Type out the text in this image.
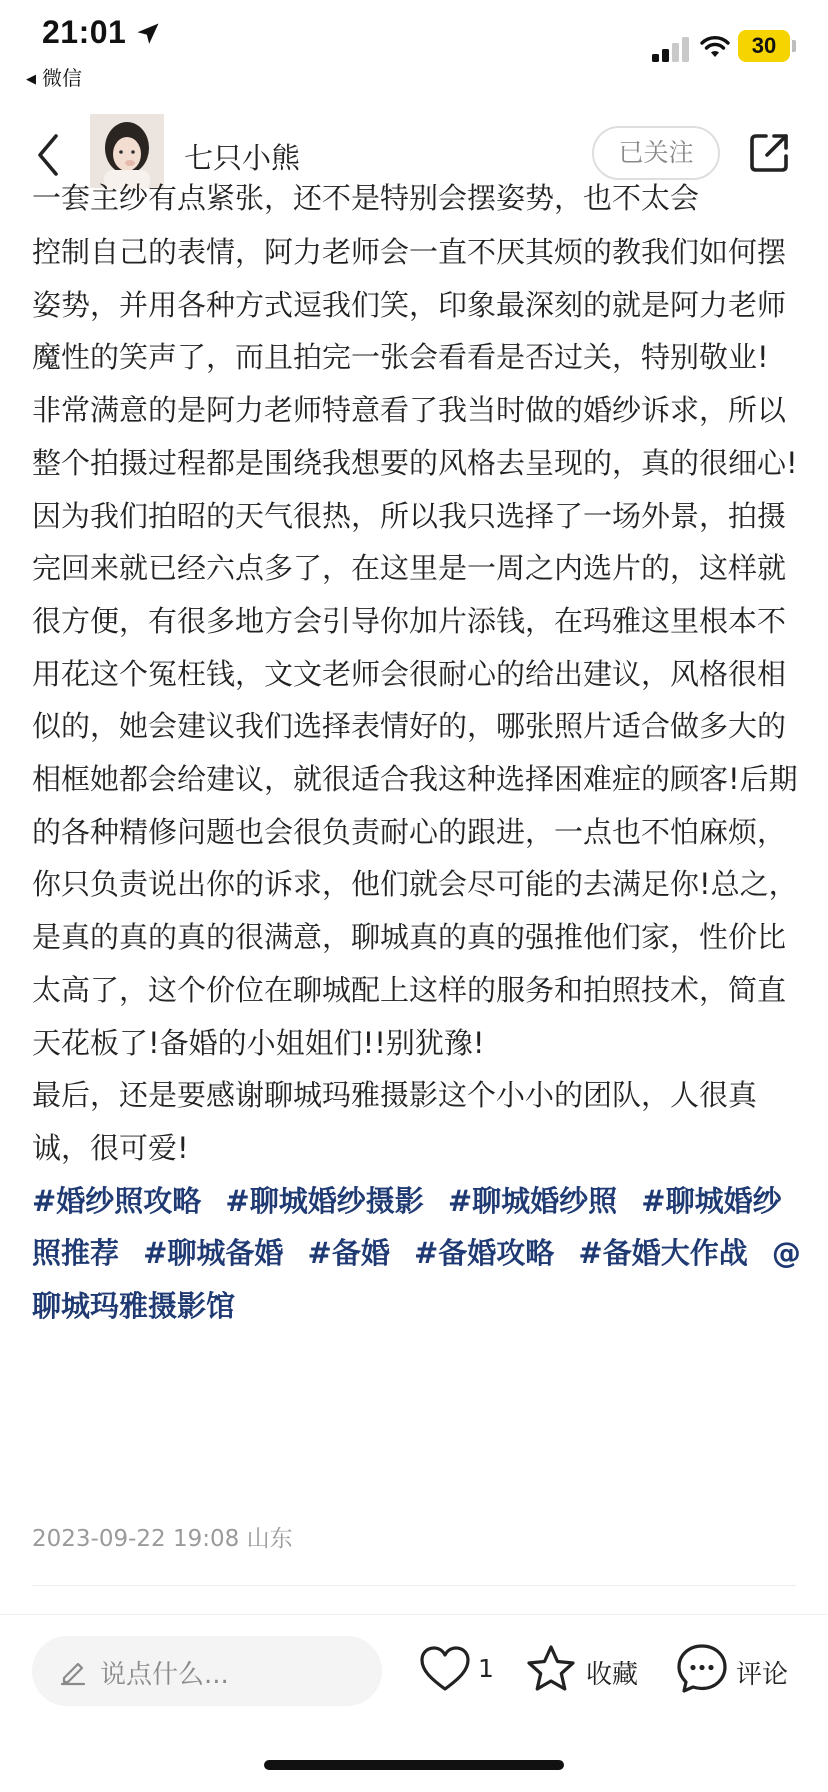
21:01
◀ 微信
30
七只小熊	已关注

一套主纱有点紧张，还不是特别会摆姿势，也不太会

控制自己的表情，阿力老师会一直不厌其烦的教我们如何摆姿势，并用各种方式逗我们笑，印象最深刻的就是阿力老师魔性的笑声了，而且拍完一张会看看是否过关，特别敬业!

非常满意的是阿力老师特意看了我当时做的婚纱诉求，所以整个拍摄过程都是围绕我想要的风格去呈现的，真的很细心!

因为我们拍昭的天气很热，所以我只选择了一场外景，拍摄完回来就已经六点多了，在这里是一周之内选片的，这样就很方便，有很多地方会引导你加片添钱，在玛雅这里根本不用花这个冤枉钱，文文老师会很耐心的给出建议，风格很相似的，她会建议我们选择表情好的，哪张照片适合做多大的相框她都会给建议，就很适合我这种选择困难症的顾客!后期的各种精修问题也会很负责耐心的跟进，一点也不怕麻烦，你只负责说出你的诉求，他们就会尽可能的去满足你!总之，是真的真的真的很满意，聊城真的真的强推他们家，性价比太高了，这个价位在聊城配上这样的服务和拍照技术，简直天花板了!备婚的小姐姐们!!别犹豫!

最后，还是要感谢聊城玛雅摄影这个小小的团队，人很真诚，很可爱!

#婚纱照攻略 #聊城婚纱摄影 #聊城婚纱照 #聊城婚纱照推荐 #聊城备婚 #备婚 #备婚攻略 #备婚大作战 @聊城玛雅摄影馆

2023-09-22 19:08 山东
说点什么...	1	收藏	评论
